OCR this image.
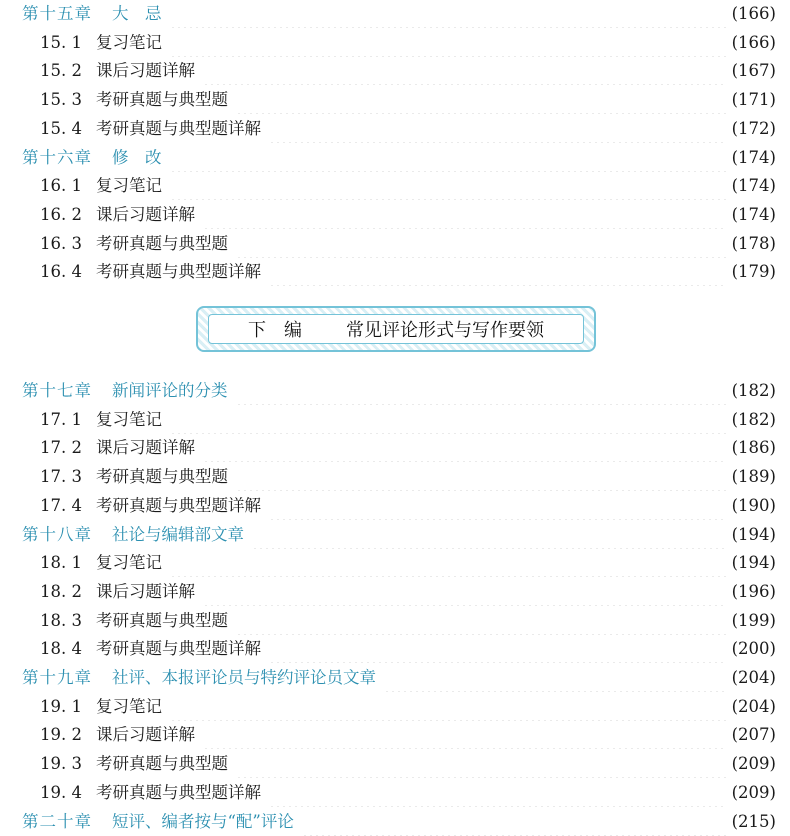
第十五章	大　忌	(166)
15. 1 复习笔记	(166)
15. 2 课后习题详解	(167)
15. 3 考研真题与典型题	(171)
15. 4 考研真题与典型题详解	(172)
第十六章	修　改	(174)
16. 1 复习笔记	(174)
16. 2 课后习题详解	(174)
16. 3 考研真题与典型题	(178)
16. 4 考研真题与典型题详解	(179)
下编 常见评论形式与写作要领
第十七章	新闻评论的分类	(182)
17. 1 复习笔记	(182)
17. 2 课后习题详解	(186)
17. 3 考研真题与典型题	(189)
17. 4 考研真题与典型题详解	(190)
第十八章	社论与编辑部文章	(194)
18. 1 复习笔记	(194)
18. 2 课后习题详解	(196)
18. 3 考研真题与典型题	(199)
18. 4 考研真题与典型题详解	(200)
第十九章	社评、本报评论员与特约评论员文章	(204)
19. 1 复习笔记	(204)
19. 2 课后习题详解	(207)
19. 3 考研真题与典型题	(209)
19. 4 考研真题与典型题详解	(209)
第二十章	短评、编者按与“配”评论	(215)
